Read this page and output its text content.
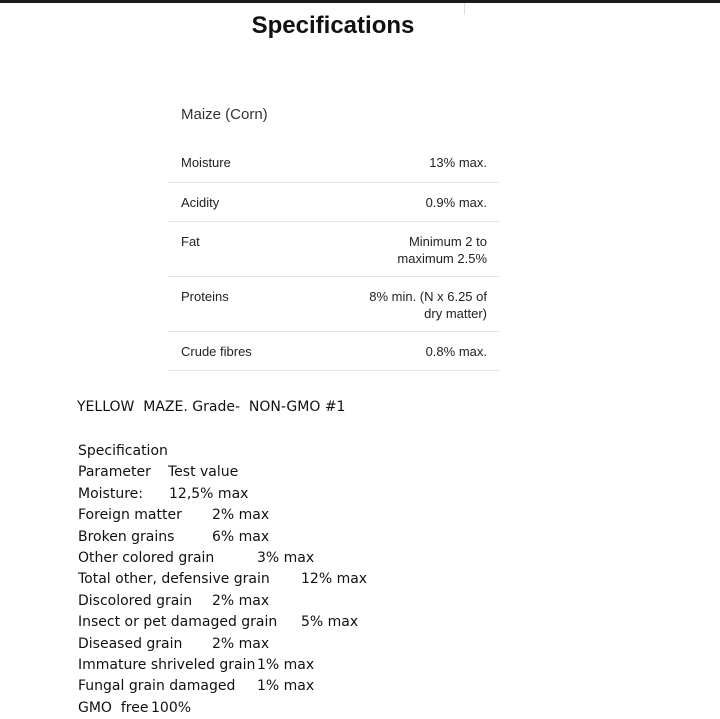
Specifications
Maize (Corn)
Moisture	13% max.
Acidity	0.9% max.
Fat	Minimum 2 to
maximum 2.5%
Proteins	8% min. (N x 6.25 of
dry matter)
Crude fibres	0.8% max.
YELLOW  MAZE. Grade-  NON-GMO #1
Specification
Parameter Test value
Moisture: 12,5% max
Foreign matter 2% max
Broken grains	6% max
Other colored grain	3% max
Total other, defensive grain 12% max
Discolored grain 2% max
Insect or pet damaged grain 5% max
Diseased grain 2% max
Immature shriveled grain 1% max
Fungal grain damaged 1% max
GMO  free 100%
